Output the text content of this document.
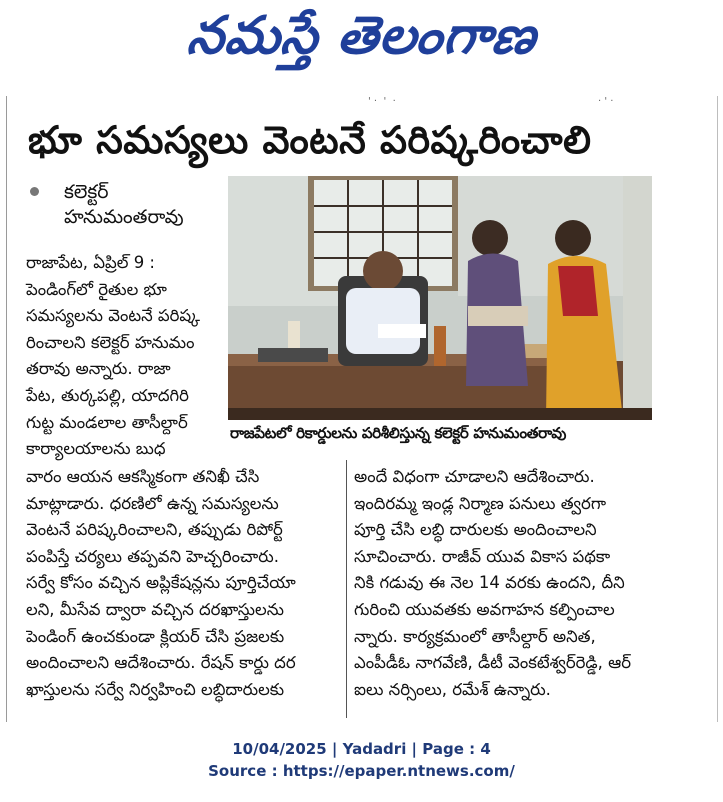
నమస్తే తెలంగాణ
' ·  '  ·	· ' ·
భూ సమస్యలు వెంటనే పరిష్కరించాలి
కలెక్టర్
హనుమంతరావు
రాజపేటలో రికార్డులను పరిశీలిస్తున్న కలెక్టర్ హనుమంతరావు

రాజాపేట, ఏప్రిల్ 9 :

పెండింగ్‌లో రైతుల భూ

సమస్యలను వెంటనే పరిష్క

రించాలని కలెక్టర్ హనుమం

తరావు అన్నారు. రాజా

పేట, తుర్కపల్లి, యాదగిరి

గుట్ట మండలాల తాసీల్దార్

కార్యాలయాలను బుధ

వారం ఆయన ఆకస్మికంగా తనిఖీ చేసి
మాట్లాడారు. ధరణిలో ఉన్న సమస్యలను
వెంటనే పరిష్కరించాలని, తప్పుడు రిపోర్ట్
పంపిస్తే చర్యలు తప్పవని హెచ్చరించారు.
సర్వే కోసం వచ్చిన అప్లికేషన్లను పూర్తిచేయా
లని, మీసేవ ద్వారా వచ్చిన దరఖాస్తులను
పెండింగ్ ఉంచకుండా క్లియర్ చేసి ప్రజలకు
అందించాలని ఆదేశించారు. రేషన్ కార్డు దర
ఖాస్తులను సర్వే నిర్వహించి లబ్ధిదారులకు
అందే విధంగా చూడాలని ఆదేశించారు.
ఇందిరమ్మ ఇండ్ల నిర్మాణ పనులు త్వరగా
పూర్తి చేసి లబ్ధి దారులకు అందించాలని
సూచించారు. రాజీవ్ యువ వికాస పథకా
నికి గడువు ఈ నెల 14 వరకు ఉందని, దీని
గురించి యువతకు అవగాహన కల్పించాల
న్నారు. కార్యక్రమంలో తాసీల్దార్ అనిత,
ఎంపీడీఓ నాగవేణి, డీటీ వెంకటేశ్వర్‌రెడ్డి, ఆర్
ఐలు నర్సింలు, రమేశ్ ఉన్నారు.
10/04/2025 | Yadadri | Page : 4
Source : https://epaper.ntnews.com/
